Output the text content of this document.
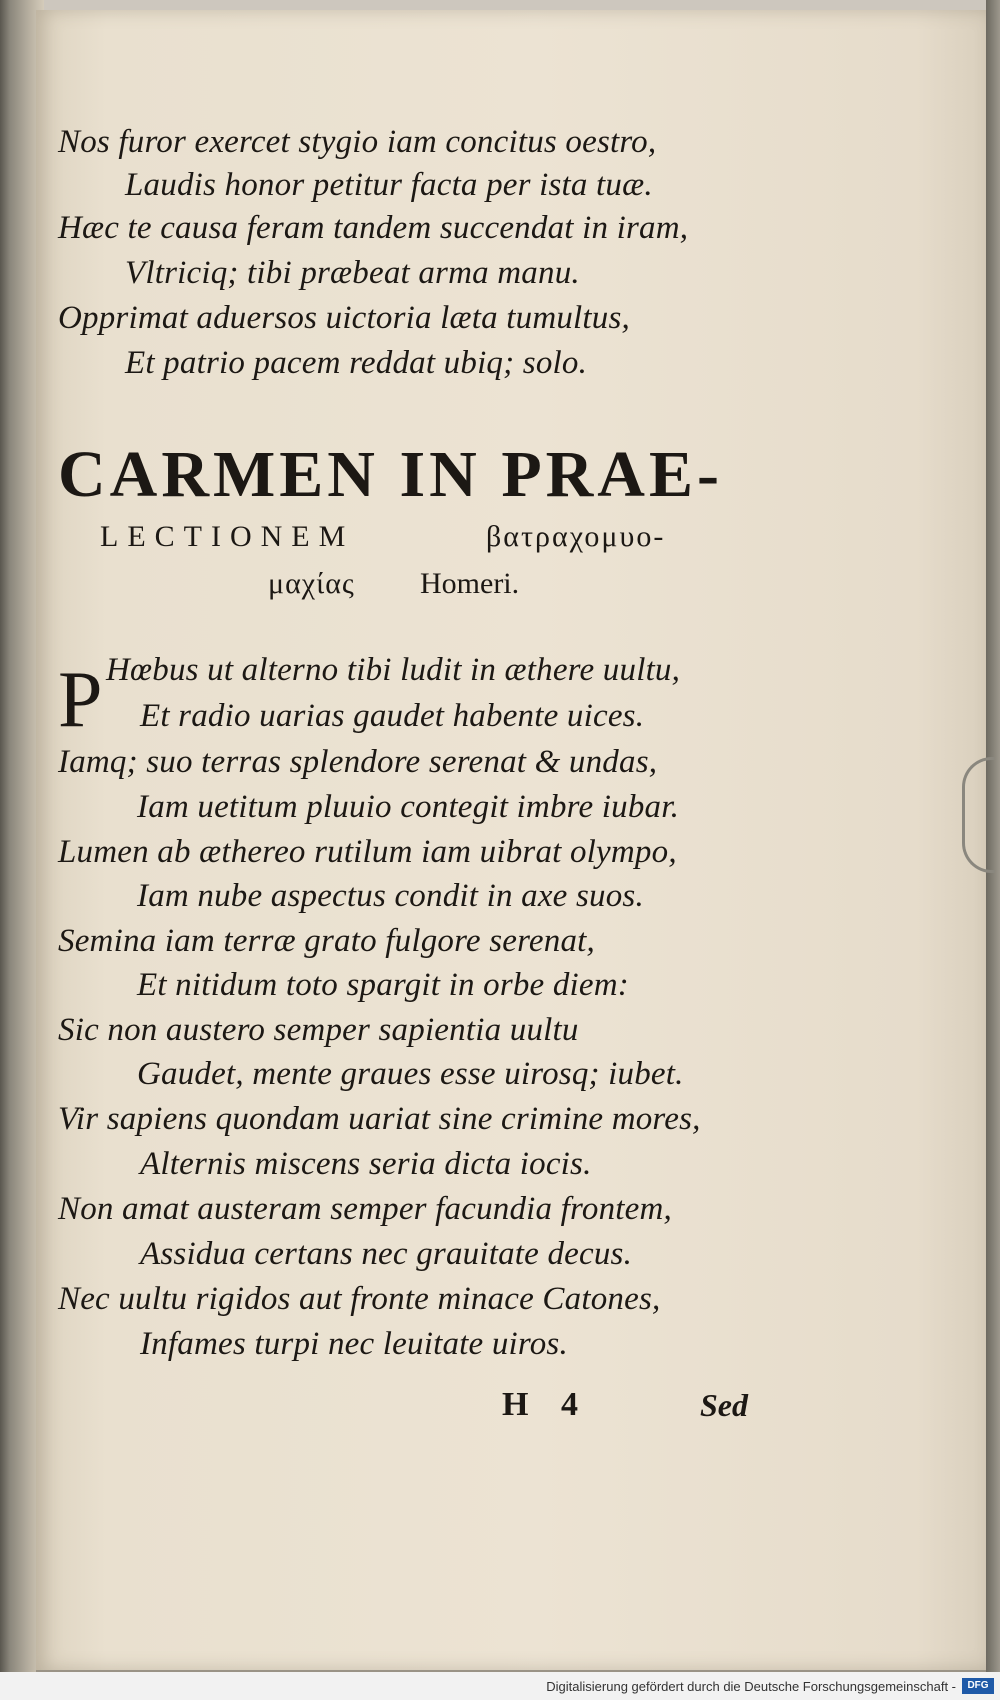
Nos furor exercet stygio iam concitus oestro,
Laudis honor petitur facta per ista tuæ.
Hæc te causa feram tandem succendat in iram,
Vltriciq; tibi præbeat arma manu.
Opprimat aduersos uictoria læta tumultus,
Et patrio pacem reddat ubiq; solo.
CARMEN IN PRAE-
LECTIONEM	βατραχομυο-
μαχίας Homeri.
P Hœbus ut alterno tibi ludit in æthere uultu,
Et radio uarias gaudet habente uices.
Iamq; suo terras splendore serenat & undas,
Iam uetitum pluuio contegit imbre iubar.
Lumen ab æthereo rutilum iam uibrat olympo,
Iam nube aspectus condit in axe suos.
Semina iam terræ grato fulgore serenat,
Et nitidum toto spargit in orbe diem:
Sic non austero semper sapientia uultu
Gaudet, mente graues esse uirosq; iubet.
Vir sapiens quondam uariat sine crimine mores,
Alternis miscens seria dicta iocis.
Non amat austeram semper facundia frontem,
Assidua certans nec grauitate decus.
Nec uultu rigidos aut fronte minace Catones,
Infames turpi nec leuitate uiros.
H 4	Sed
Digitalisierung gefördert durch die Deutsche Forschungsgemeinschaft -	DFG
